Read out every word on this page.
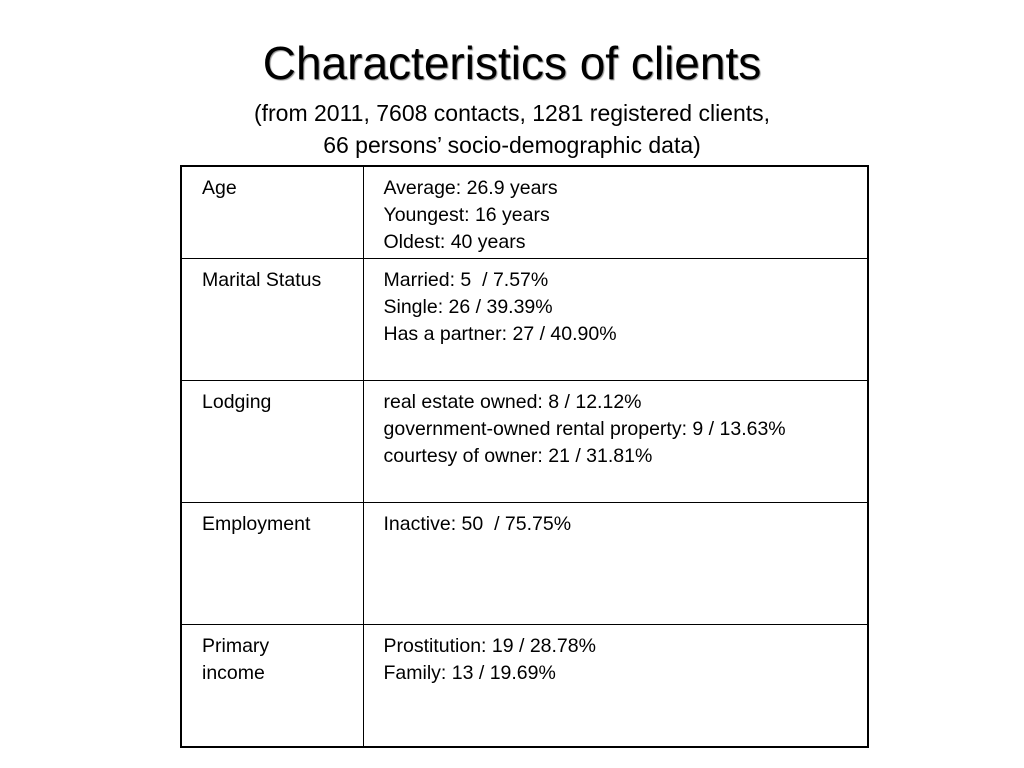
Characteristics of clients
(from 2011, 7608 contacts, 1281 registered clients,
66 persons’ socio-demographic data)
Age	Average: 26.9 years
Youngest: 16 years
Oldest: 40 years

Marital Status	Married: 5  / 7.57%
Single: 26 / 39.39%
Has a partner: 27 / 40.90%

Lodging	real estate owned: 8 / 12.12%
government-owned rental property: 9 / 13.63%
courtesy of owner: 21 / 31.81%

Employment	Inactive: 50  / 75.75%

Primary
income	Prostitution: 19 / 28.78%
Family: 13 / 19.69%
